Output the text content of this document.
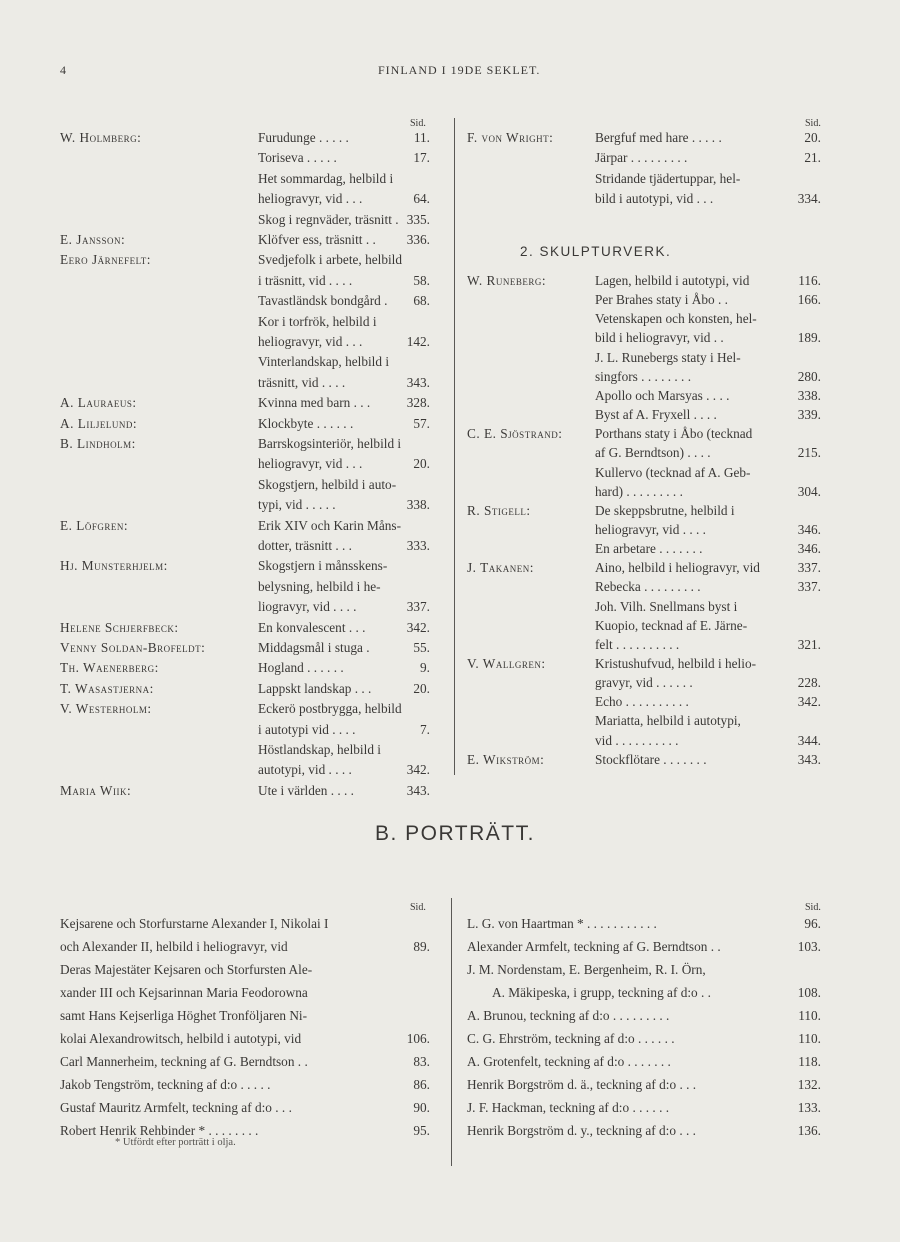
4	FINLAND I 19DE SEKLET.
Sid.	Sid.
W. Holmberg:	Furudunge . . . . .	11.
Toriseva . . . . .	17.
Het sommardag, helbild i
heliogravyr, vid . . .	64.
Skog i regnväder, träsnitt . 335.
E. Jansson:	Klöfver ess, träsnitt . . 336.
Eero Järnefelt:	Svedjefolk i arbete, helbild
i träsnitt, vid . . . .	58.
Tavastländsk bondgård . 68.
Kor i torfrök, helbild i
heliogravyr, vid . . .	142.
Vinterlandskap, helbild i
träsnitt, vid . . . .	343.
A. Lauraeus:	Kvinna med barn . . .	328.
A. Liljelund:	Klockbyte . . . . . .	57.
B. Lindholm:	Barrskogsinteriör, helbild i
heliogravyr, vid . . .	20.
Skogstjern, helbild i auto-
typi, vid . . . . .	338.
E. Löfgren:	Erik XIV och Karin Måns-
dotter, träsnitt . . .	333.
Hj. Munsterhjelm:	Skogstjern i månsskens-
belysning, helbild i he-
liogravyr, vid . . . .	337.
Helene Schjerfbeck:	En konvalescent . . .	342.
Venny Soldan-Brofeldt:	Middagsmål i stuga .	55.
Th. Waenerberg:	Hogland . . . . . .	9.
T. Wasastjerna:	Lappskt landskap . . .	20.
V. Westerholm:	Eckerö postbrygga, helbild
i autotypi vid . . . .	7.
Höstlandskap, helbild i
autotypi, vid . . . .	342.
Maria Wiik:	Ute i världen . . . .	343.
F. von Wright:	Bergfuf med hare . . . . .	20.
Järpar . . . . . . . . .	21.
Stridande tjädertuppar, hel-
bild i autotypi, vid . . .	334.
2. SKULPTURVERK.
W. Runeberg:	Lagen, helbild i autotypi, vid	116.
Per Brahes staty i Åbo . .	166.
Vetenskapen och konsten, hel-
bild i heliogravyr, vid . .	189.
J. L. Runebergs staty i Hel-
singfors . . . . . . . .	280.
Apollo och Marsyas . . . .	338.
Byst af A. Fryxell . . . .	339.
C. E. Sjöstrand: Porthans staty i Åbo (tecknad
af G. Berndtson) . . . .	215.
Kullervo (tecknad af A. Geb-
hard) . . . . . . . . .	304.
R. Stigell:	De skeppsbrutne, helbild i
heliogravyr, vid . . . .	346.
En arbetare . . . . . . .	346.
J. Takanen:	Aino, helbild i heliogravyr, vid	337.
Rebecka . . . . . . . . .	337.
Joh. Vilh. Snellmans byst i
Kuopio, tecknad af E. Järne-
felt . . . . . . . . . .	321.
V. Wallgren:	Kristushufvud, helbild i helio-
gravyr, vid . . . . . .	228.
Echo . . . . . . . . . .	342.
Mariatta, helbild i autotypi,
vid . . . . . . . . . .	344.
E. Wikström:	Stockflötare . . . . . . .	343.
B. PORTRÄTT.
Sid.	Sid.
Kejsarene och Storfurstarne Alexander I, Nikolai I
och Alexander II, helbild i heliogravyr, vid	89.
Deras Majestäter Kejsaren och Storfursten Ale-
xander III och Kejsarinnan Maria Feodorowna
samt Hans Kejserliga Höghet Tronföljaren Ni-
kolai Alexandrowitsch, helbild i autotypi, vid	106.
Carl Mannerheim, teckning af G. Berndtson . .	83.
Jakob Tengström, teckning af d:o . . . . .	86.
Gustaf Mauritz Armfelt, teckning af d:o . . .	90.
Robert Henrik Rehbinder * . . . . . . . .	95.
L. G. von Haartman * . . . . . . . . . . .	96.
Alexander Armfelt, teckning af G. Berndtson . .	103.
J. M. Nordenstam, E. Bergenheim, R. I. Örn,
A. Mäkipeska, i grupp, teckning af d:o . .	108.
A. Brunou, teckning af d:o . . . . . . . . .	110.
C. G. Ehrström, teckning af d:o . . . . . .	110.
A. Grotenfelt, teckning af d:o . . . . . . .	118.
Henrik Borgström d. ä., teckning af d:o . . .	132.
J. F. Hackman, teckning af d:o . . . . . .	133.
Henrik Borgström d. y., teckning af d:o . . .	136.
* Utfördt efter porträtt i olja.
